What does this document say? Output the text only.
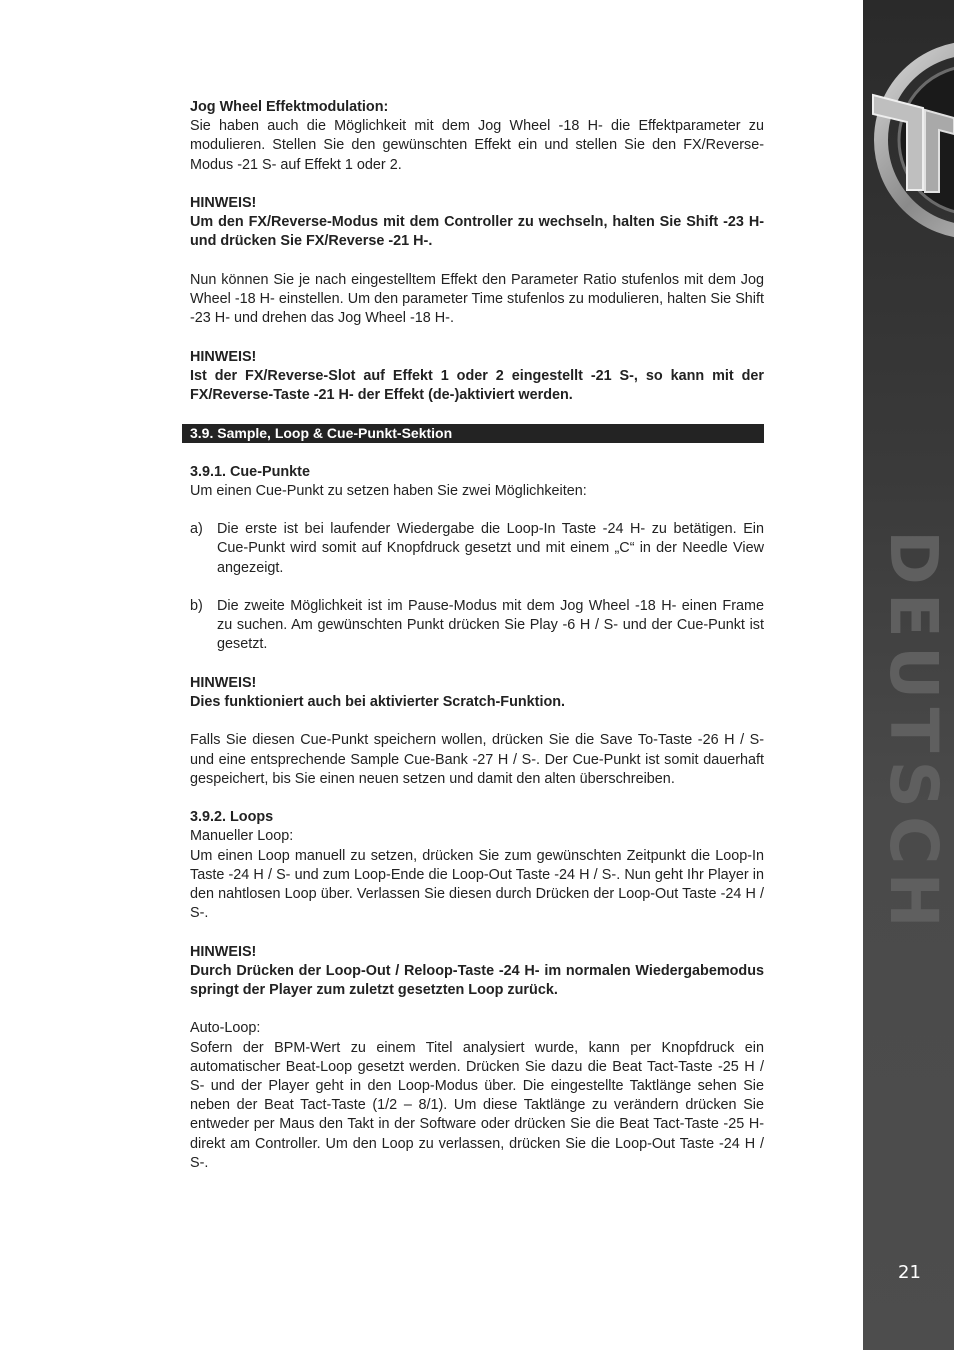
DEUTSCH
21

Jog Wheel Effektmodulation:

Sie haben auch die Möglichkeit mit dem Jog Wheel -18 H- die Effektparameter zu modulieren. Stellen Sie den gewünschten Effekt ein und stellen Sie den FX/Reverse-Modus -21 S- auf Effekt 1 oder 2.

HINWEIS!

Um den FX/Reverse-Modus mit dem Controller zu wechseln, halten Sie Shift -23 H- und drücken Sie FX/Reverse -21 H-.

Nun können Sie je nach eingestelltem Effekt den Parameter Ratio stufenlos mit dem Jog Wheel -18 H- einstellen. Um den parameter Time stufenlos zu modulieren, halten Sie Shift -23 H- und drehen das Jog Wheel -18 H-.

HINWEIS!

Ist der FX/Reverse-Slot auf Effekt 1 oder 2 eingestellt -21 S-, so kann mit der FX/Reverse-Taste -21 H- der Effekt (de-)aktiviert werden.

3.9. Sample, Loop & Cue-Punkt-Sektion

3.9.1. Cue-Punkte

Um einen Cue-Punkt zu setzen haben Sie zwei Möglichkeiten:

a) Die erste ist bei laufender Wiedergabe die Loop-In Taste -24 H- zu betätigen. Ein Cue-Punkt wird somit auf Knopfdruck gesetzt und mit einem „C“ in der Needle View angezeigt.
b) Die zweite Möglichkeit ist im Pause-Modus mit dem Jog Wheel -18 H- einen Frame zu suchen. Am gewünschten Punkt drücken Sie Play -6 H / S- und der Cue-Punkt ist gesetzt.

HINWEIS!

Dies funktioniert auch bei aktivierter Scratch-Funktion.

Falls Sie diesen Cue-Punkt speichern wollen, drücken Sie die Save To-Taste -26 H / S- und eine entsprechende Sample Cue-Bank -27 H / S-. Der Cue-Punkt ist somit dauerhaft gespeichert, bis Sie einen neuen setzen und damit den alten überschreiben.

3.9.2. Loops

Manueller Loop:

Um einen Loop manuell zu setzen, drücken Sie zum gewünschten Zeitpunkt die Loop-In Taste -24 H / S- und zum Loop-Ende die Loop-Out Taste -24 H / S-. Nun geht Ihr Player in den nahtlosen Loop über. Verlassen Sie diesen durch Drücken der Loop-Out Taste -24 H / S-.

HINWEIS!

Durch Drücken der Loop-Out / Reloop-Taste -24 H- im normalen Wiedergabemodus springt der Player zum zuletzt gesetzten Loop zurück.

Auto-Loop:

Sofern der BPM-Wert zu einem Titel analysiert wurde, kann per Knopfdruck ein automatischer Beat-Loop gesetzt werden. Drücken Sie dazu die Beat Tact-Taste -25 H / S- und der Player geht in den Loop-Modus über. Die eingestellte Taktlänge sehen Sie neben der Beat Tact-Taste (1/2 – 8/1). Um diese Taktlänge zu verändern drücken Sie entweder per Maus den Takt in der Software oder drücken Sie die Beat Tact-Taste -25 H- direkt am Controller. Um den Loop zu verlassen, drücken Sie die Loop-Out Taste -24 H / S-.
